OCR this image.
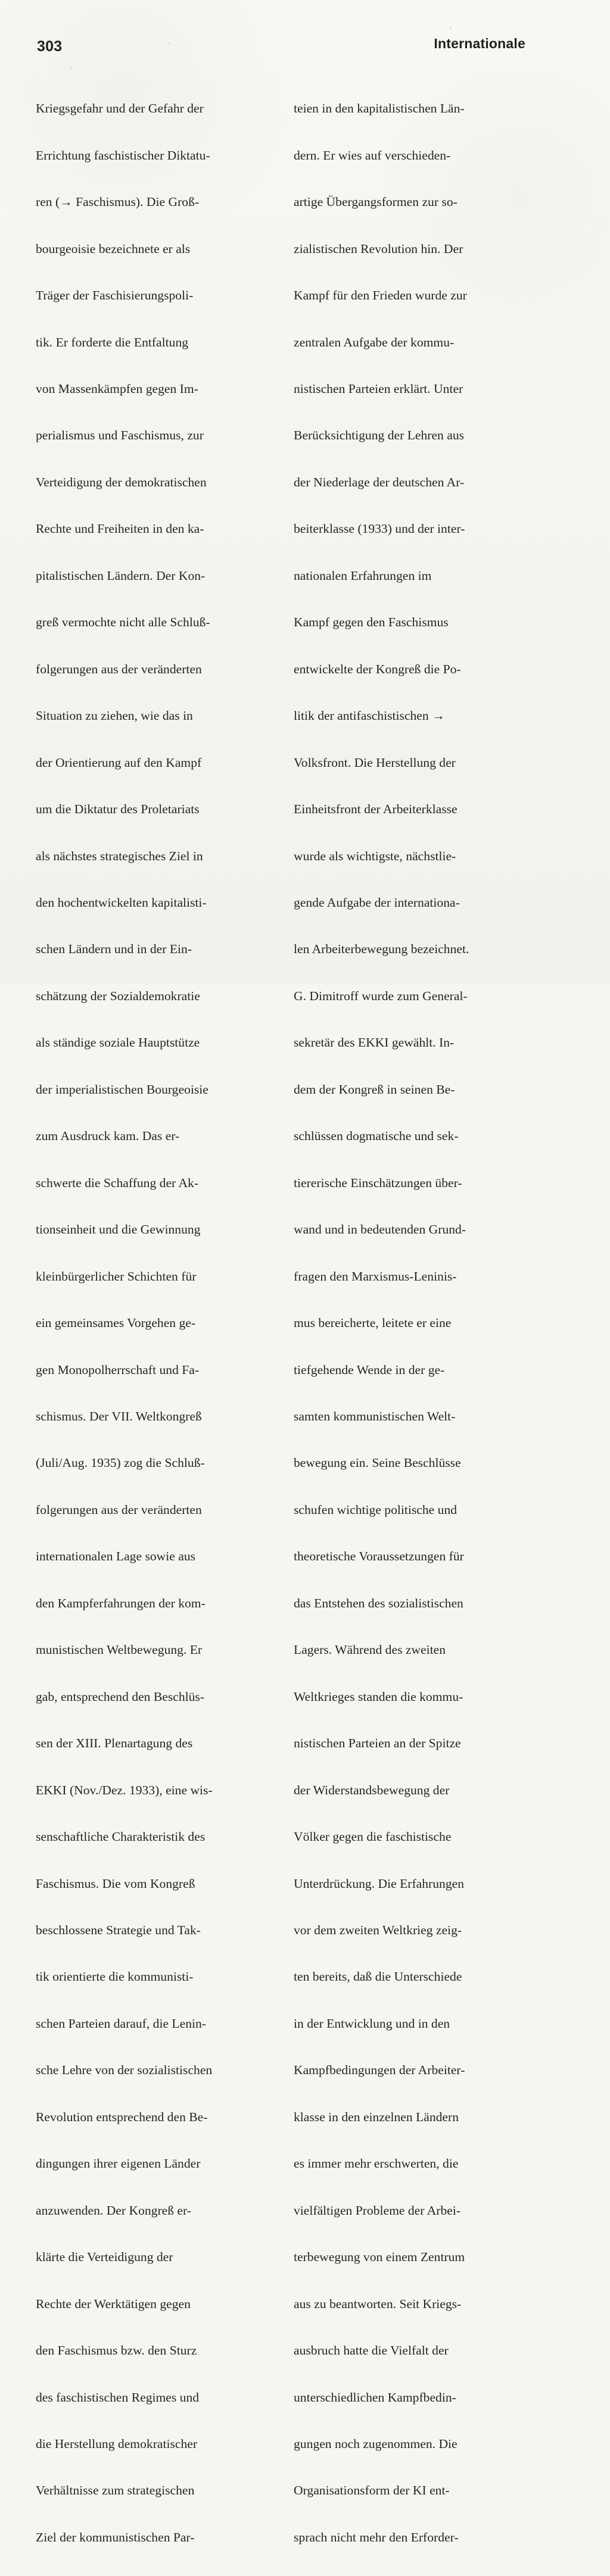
303	Internationale

Kriegsgefahr und der Gefahr der

Errichtung faschistischer Diktatu-

ren (→ Faschismus). Die Groß-

bourgeoisie bezeichnete er als

Träger der Faschisierungspoli-

tik. Er forderte die Entfaltung

von Massenkämpfen gegen Im-

perialismus und Faschismus, zur

Verteidigung der demokratischen

Rechte und Freiheiten in den ka-

pitalistischen Ländern. Der Kon-

greß vermochte nicht alle Schluß-

folgerungen aus der veränderten

Situation zu ziehen, wie das in

der Orientierung auf den Kampf

um die Diktatur des Proletariats

als nächstes strategisches Ziel in

den hochentwickelten kapitalisti-

schen Ländern und in der Ein-

schätzung der Sozialdemokratie

als ständige soziale Hauptstütze

der imperialistischen Bourgeoisie

zum Ausdruck kam. Das er-

schwerte die Schaffung der Ak-

tionseinheit und die Gewinnung

kleinbürgerlicher Schichten für

ein gemeinsames Vorgehen ge-

gen Monopolherrschaft und Fa-

schismus. Der VII. Weltkongreß

(Juli/Aug. 1935) zog die Schluß-

folgerungen aus der veränderten

internationalen Lage sowie aus

den Kampferfahrungen der kom-

munistischen Weltbewegung. Er

gab, entsprechend den Beschlüs-

sen der XIII. Plenartagung des

EKKI (Nov./Dez. 1933), eine wis-

senschaftliche Charakteristik des

Faschismus. Die vom Kongreß

beschlossene Strategie und Tak-

tik orientierte die kommunisti-

schen Parteien darauf, die Lenin-

sche Lehre von der sozialistischen

Revolution entsprechend den Be-

dingungen ihrer eigenen Länder

anzuwenden. Der Kongreß er-

klärte die Verteidigung der

Rechte der Werktätigen gegen

den Faschismus bzw. den Sturz

des faschistischen Regimes und

die Herstellung demokratischer

Verhältnisse zum strategischen

Ziel der kommunistischen Par-

teien in den kapitalistischen Län-

dern. Er wies auf verschieden-

artige Übergangsformen zur so-

zialistischen Revolution hin. Der

Kampf für den Frieden wurde zur

zentralen Aufgabe der kommu-

nistischen Parteien erklärt. Unter

Berücksichtigung der Lehren aus

der Niederlage der deutschen Ar-

beiterklasse (1933) und der inter-

nationalen Erfahrungen im

Kampf gegen den Faschismus

entwickelte der Kongreß die Po-

litik der antifaschistischen →

Volksfront. Die Herstellung der

Einheitsfront der Arbeiterklasse

wurde als wichtigste, nächstlie-

gende Aufgabe der internationa-

len Arbeiterbewegung bezeichnet.

G. Dimitroff wurde zum General-

sekretär des EKKI gewählt. In-

dem der Kongreß in seinen Be-

schlüssen dogmatische und sek-

tiererische Einschätzungen über-

wand und in bedeutenden Grund-

fragen den Marxismus-Leninis-

mus bereicherte, leitete er eine

tiefgehende Wende in der ge-

samten kommunistischen Welt-

bewegung ein. Seine Beschlüsse

schufen wichtige politische und

theoretische Voraussetzungen für

das Entstehen des sozialistischen

Lagers. Während des zweiten

Weltkrieges standen die kommu-

nistischen Parteien an der Spitze

der Widerstandsbewegung der

Völker gegen die faschistische

Unterdrückung. Die Erfahrungen

vor dem zweiten Weltkrieg zeig-

ten bereits, daß die Unterschiede

in der Entwicklung und in den

Kampfbedingungen der Arbeiter-

klasse in den einzelnen Ländern

es immer mehr erschwerten, die

vielfältigen Probleme der Arbei-

terbewegung von einem Zentrum

aus zu beantworten. Seit Kriegs-

ausbruch hatte die Vielfalt der

unterschiedlichen Kampfbedin-

gungen noch zugenommen. Die

Organisationsform der KI ent-

sprach nicht mehr den Erforder-
